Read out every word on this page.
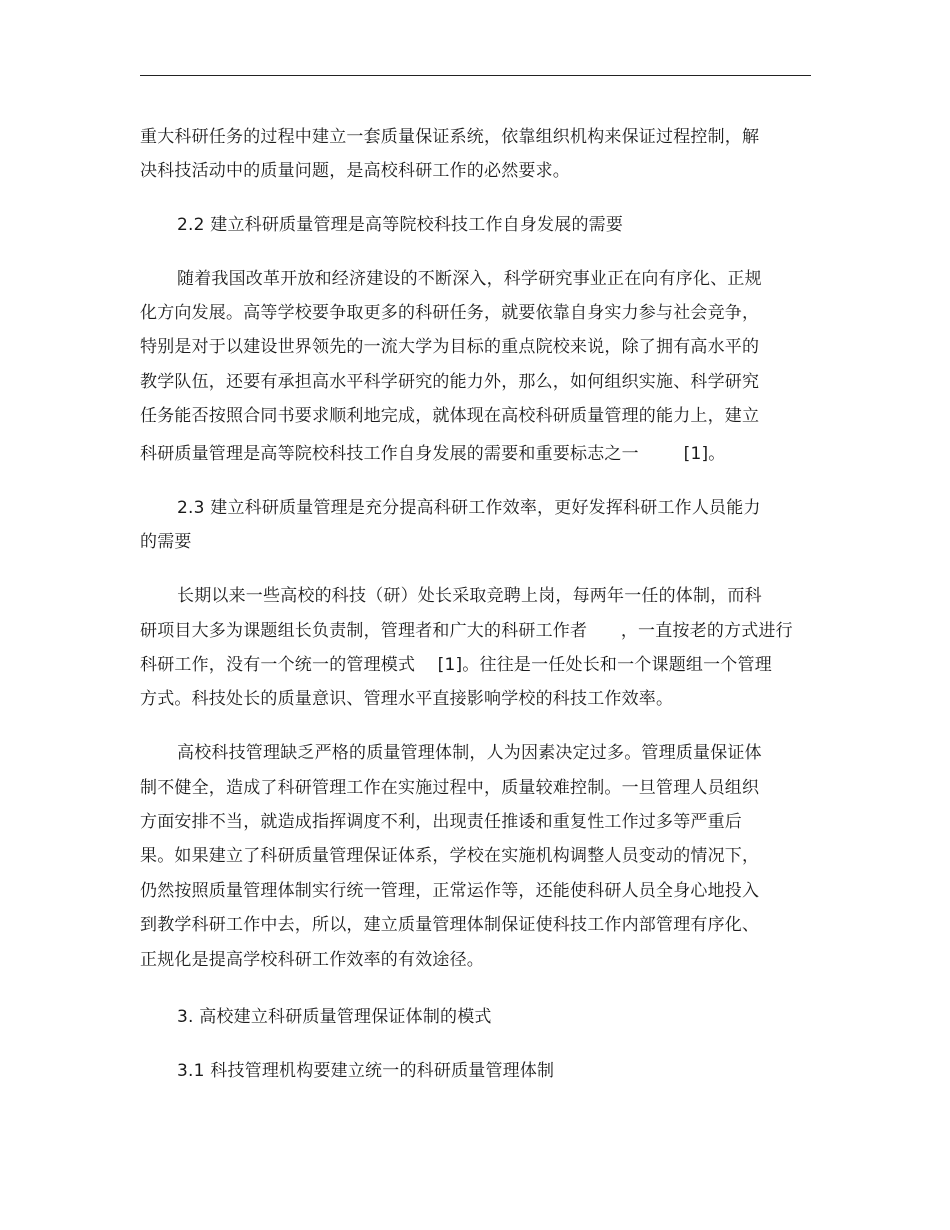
重大科研任务的过程中建立一套质量保证系统，依靠组织机构来保证过程控制，解
决科技活动中的质量问题，是高校科研工作的必然要求。
2.2 建立科研质量管理是高等院校科技工作自身发展的需要
随着我国改革开放和经济建设的不断深入，科学研究事业正在向有序化、正规
化方向发展。高等学校要争取更多的科研任务，就要依靠自身实力参与社会竞争，
特别是对于以建设世界领先的一流大学为目标的重点院校来说，除了拥有高水平的
教学队伍，还要有承担高水平科学研究的能力外，那么，如何组织实施、科学研究
任务能否按照合同书要求顺利地完成，就体现在高校科研质量管理的能力上，建立
科研质量管理是高等院校科技工作自身发展的需要和重要标志之一        [1]。
2.3 建立科研质量管理是充分提高科研工作效率，更好发挥科研工作人员能力
的需要
长期以来一些高校的科技（研）处长采取竞聘上岗，每两年一任的体制，而科
研项目大多为课题组长负责制，管理者和广大的科研工作者      ，一直按老的方式进行
科研工作，没有一个统一的管理模式    [1]。往往是一任处长和一个课题组一个管理
方式。科技处长的质量意识、管理水平直接影响学校的科技工作效率。
高校科技管理缺乏严格的质量管理体制，人为因素决定过多。管理质量保证体
制不健全，造成了科研管理工作在实施过程中，质量较难控制。一旦管理人员组织
方面安排不当，就造成指挥调度不利，出现责任推诿和重复性工作过多等严重后
果。如果建立了科研质量管理保证体系，学校在实施机构调整人员变动的情况下，
仍然按照质量管理体制实行统一管理，正常运作等，还能使科研人员全身心地投入
到教学科研工作中去，所以，建立质量管理体制保证使科技工作内部管理有序化、
正规化是提高学校科研工作效率的有效途径。
3. 高校建立科研质量管理保证体制的模式
3.1 科技管理机构要建立统一的科研质量管理体制
